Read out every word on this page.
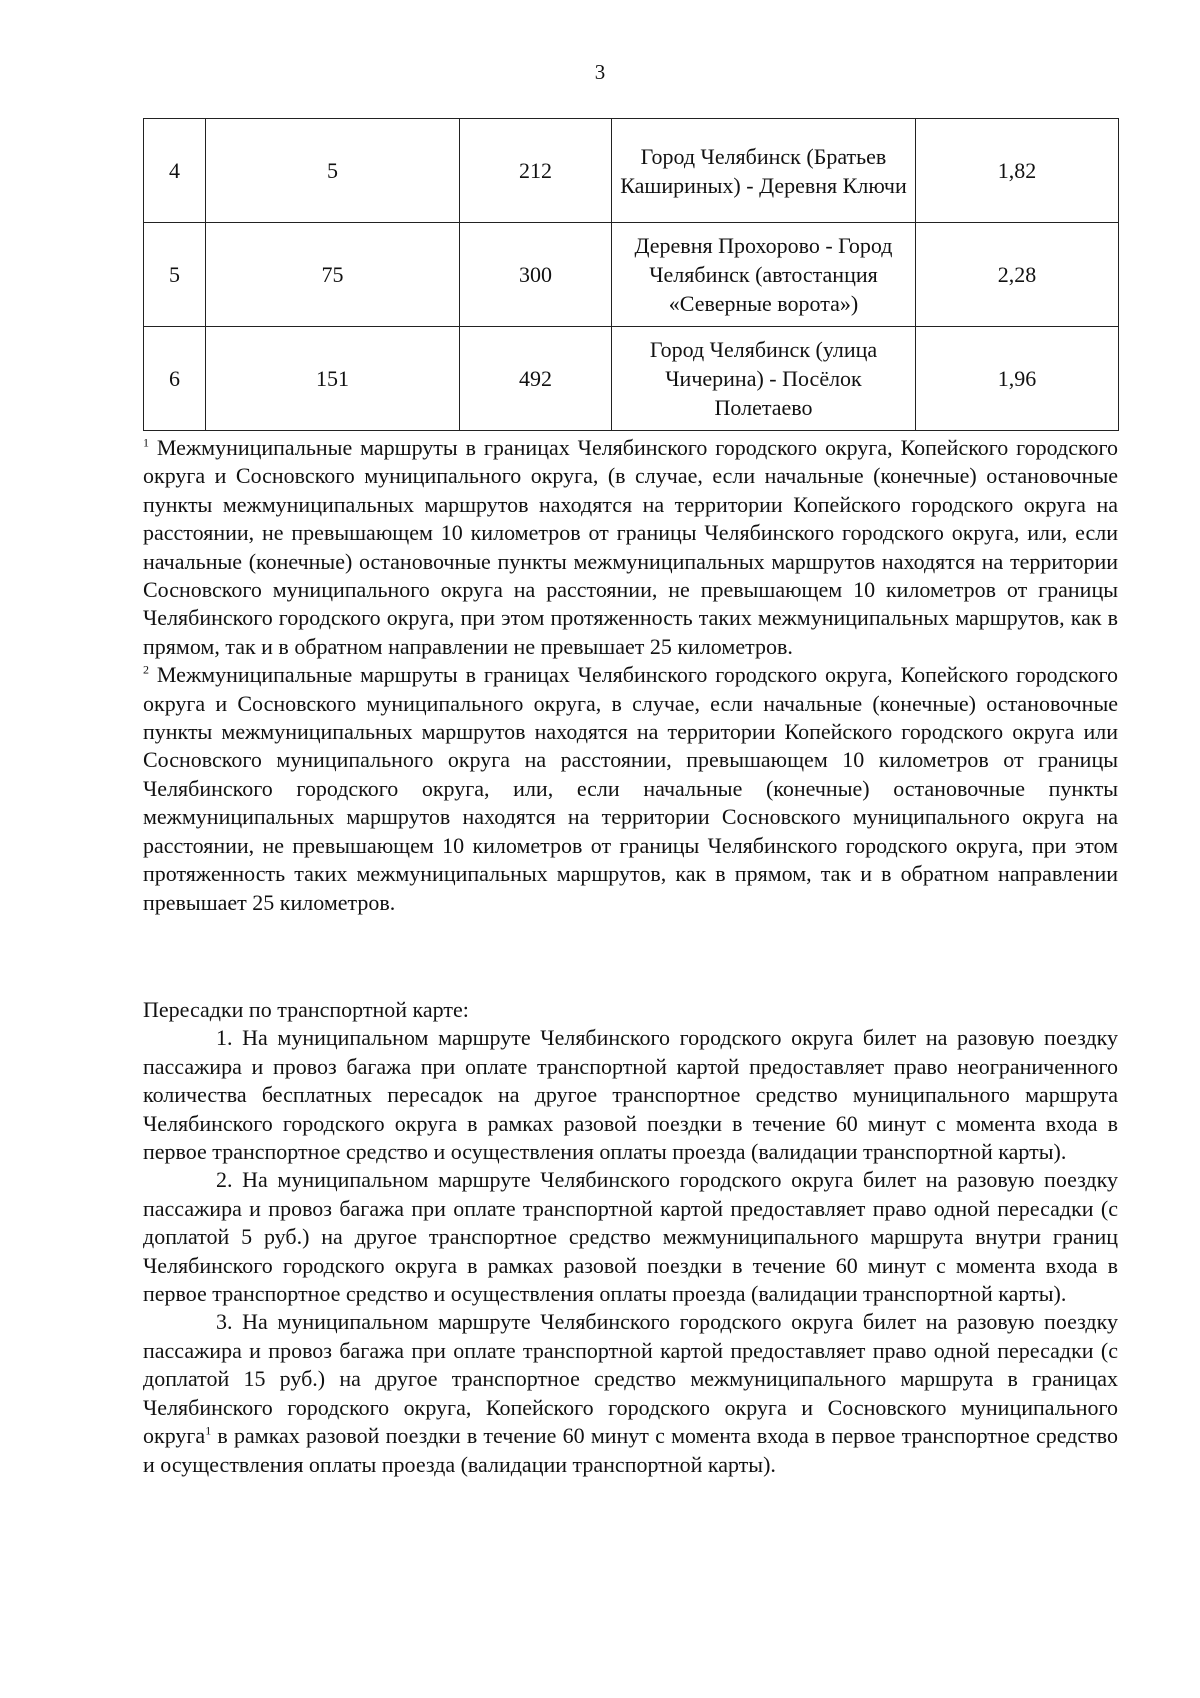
3
4	5	212	Город Челябинск (Братьев Кашириных) - Деревня Ключи	1,82
5	75	300	Деревня Прохорово - Город Челябинск (автостанция «Северные ворота»)	2,28
6	151	492	Город Челябинск (улица Чичерина) - Посёлок Полетаево	1,96

$^1$ Межмуниципальные маршруты в границах Челябинского городского округа, Копейского городского округа и Сосновского муниципального округа, (в случае, если начальные (конечные) остановочные пункты межмуниципальных маршрутов находятся на территории Копейского городского округа на расстоянии, не превышающем 10 километров от границы Челябинского городского округа, или, если начальные (конечные) остановочные пункты межмуниципальных маршрутов находятся на территории Сосновского муниципального округа на расстоянии, не превышающем 10 километров от границы Челябинского городского округа, при этом протяженность таких межмуниципальных маршрутов, как в прямом, так и в обратном направлении не превышает 25 километров.

$^2$ Межмуниципальные маршруты в границах Челябинского городского округа, Копейского городского округа и Сосновского муниципального округа, в случае, если начальные (конечные) остановочные пункты межмуниципальных маршрутов находятся на территории Копейского городского округа или Сосновского муниципального округа на расстоянии, превышающем 10 километров от границы Челябинского городского округа, или, если начальные (конечные) остановочные пункты межмуниципальных маршрутов находятся на территории Сосновского муниципального округа на расстоянии, не превышающем 10 километров от границы Челябинского городского округа, при этом протяженность таких межмуниципальных маршрутов, как в прямом, так и в обратном направлении превышает 25 километров.

Пересадки по транспортной карте:

1. На муниципальном маршруте Челябинского городского округа билет на разовую поездку пассажира и провоз багажа при оплате транспортной картой предоставляет право неограниченного количества бесплатных пересадок на другое транспортное средство муниципального маршрута Челябинского городского округа в рамках разовой поездки в течение 60 минут с момента входа в первое транспортное средство и осуществления оплаты проезда (валидации транспортной карты).

2. На муниципальном маршруте Челябинского городского округа билет на разовую поездку пассажира и провоз багажа при оплате транспортной картой предоставляет право одной пересадки (с доплатой 5 руб.) на другое транспортное средство межмуниципального маршрута внутри границ Челябинского городского округа в рамках разовой поездки в течение 60 минут с момента входа в первое транспортное средство и осуществления оплаты проезда (валидации транспортной карты).

3. На муниципальном маршруте Челябинского городского округа билет на разовую поездку пассажира и провоз багажа при оплате транспортной картой предоставляет право одной пересадки (с доплатой 15 руб.) на другое транспортное средство межмуниципального маршрута в границах Челябинского городского округа, Копейского городского округа и Сосновского муниципального округа$^1$ в рамках разовой поездки в течение 60 минут с момента входа в первое транспортное средство и осуществления оплаты проезда (валидации транспортной карты).
